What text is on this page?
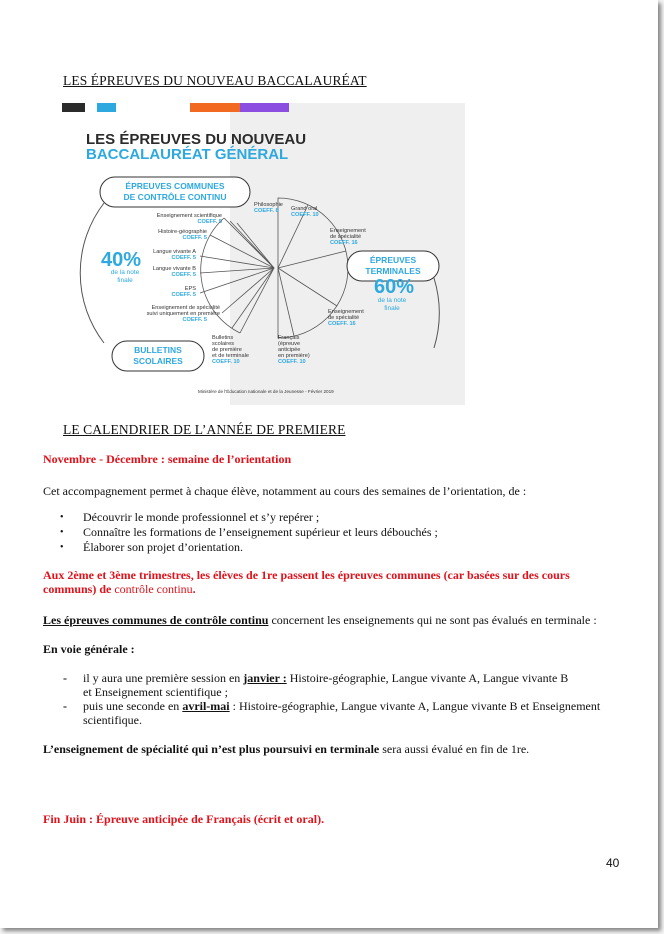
LES ÉPREUVES DU NOUVEAU BACCALAURÉAT
LES ÉPREUVES DU NOUVEAU
BACCALAURÉAT GÉNÉRAL
ÉPREUVES COMMUNES
DE CONTRÔLE CONTINU
40%
de la note
finale
Enseignement scientifique
COEFF. 5
Histoire-géographie
COEFF. 5
Langue vivante A
COEFF. 5
Langue vivante B
COEFF. 5
EPS
COEFF. 5
Enseignement de spécialité
suivi uniquement en première
COEFF. 5
BULLETINS
SCOLAIRES
Bulletins
scolaires
de première
et de terminale
COEFF. 10
Philosophie
COEFF. 8 Grand oral
COEFF. 10
Enseignement
de spécialité
COEFF. 16
Enseignement
de spécialité
COEFF. 16
Français
(épreuve
anticipée
en première)
COEFF. 10
ÉPREUVES
TERMINALES
60%
de la note
finale
Ministère de l'Éducation nationale et de la Jeunesse - Février 2019
LE CALENDRIER DE L’ANNÉE DE PREMIERE
Novembre - Décembre : semaine de l’orientation
Cet accompagnement permet à chaque élève, notamment au cours des semaines de l’orientation, de :
• Découvrir le monde professionnel et s’y repérer ;
• Connaître les formations de l’enseignement supérieur et leurs débouchés ;
• Élaborer son projet d’orientation.
Aux 2ème et 3ème trimestres, les élèves de 1re passent les épreuves communes (car basées sur des cours
communs) de contrôle continu.
Les épreuves communes de contrôle continu concernent les enseignements qui ne sont pas évalués en terminale :
En voie générale :
- il y aura une première session en janvier : Histoire-géographie, Langue vivante A, Langue vivante B
et Enseignement scientifique ;
- puis une seconde en avril-mai : Histoire-géographie, Langue vivante A, Langue vivante B et Enseignement
scientifique.
L’enseignement de spécialité qui n’est plus poursuivi en terminale sera aussi évalué en fin de 1re.
Fin Juin : Épreuve anticipée de Français (écrit et oral).
40
